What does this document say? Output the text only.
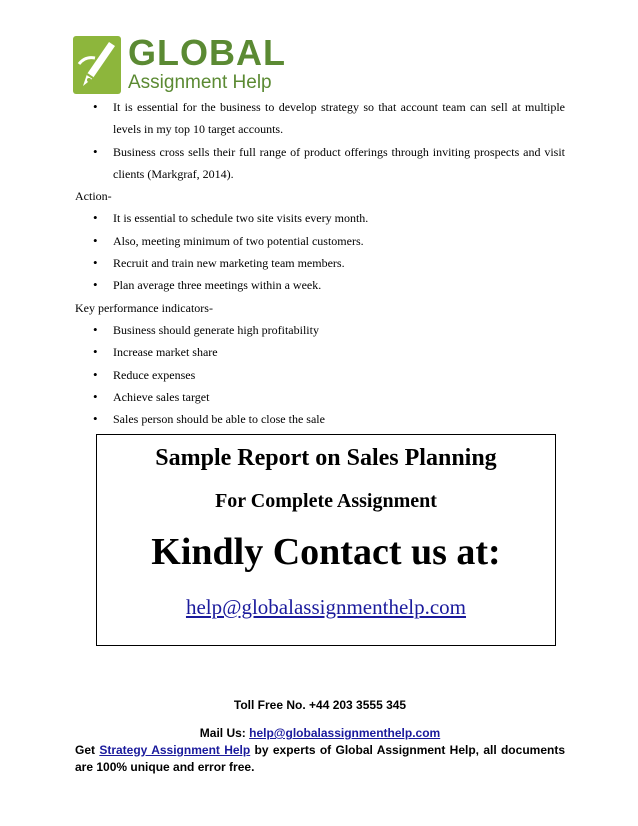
GLOBAL
Assignment Help
• It is essential for the business to develop strategy so that account team can sell at multiple levels in my top 10 target accounts.
• Business cross sells their full range of product offerings through inviting prospects and visit clients (Markgraf, 2014).

Action-

• It is essential to schedule two site visits every month.
• Also, meeting minimum of two potential customers.
• Recruit and train new marketing team members.
• Plan average three meetings within a week.

Key performance indicators-

• Business should generate high profitability
• Increase market share
• Reduce expenses
• Achieve sales target
• Sales person should be able to close the sale
Sample Report on Sales Planning
For Complete Assignment
Kindly Contact us at:
help@globalassignmenthelp.com
Toll Free No. +44 203 3555 345
Mail Us: help@globalassignmenthelp.com
Get Strategy Assignment Help by experts of Global Assignment Help, all documents are 100% unique and error free.
